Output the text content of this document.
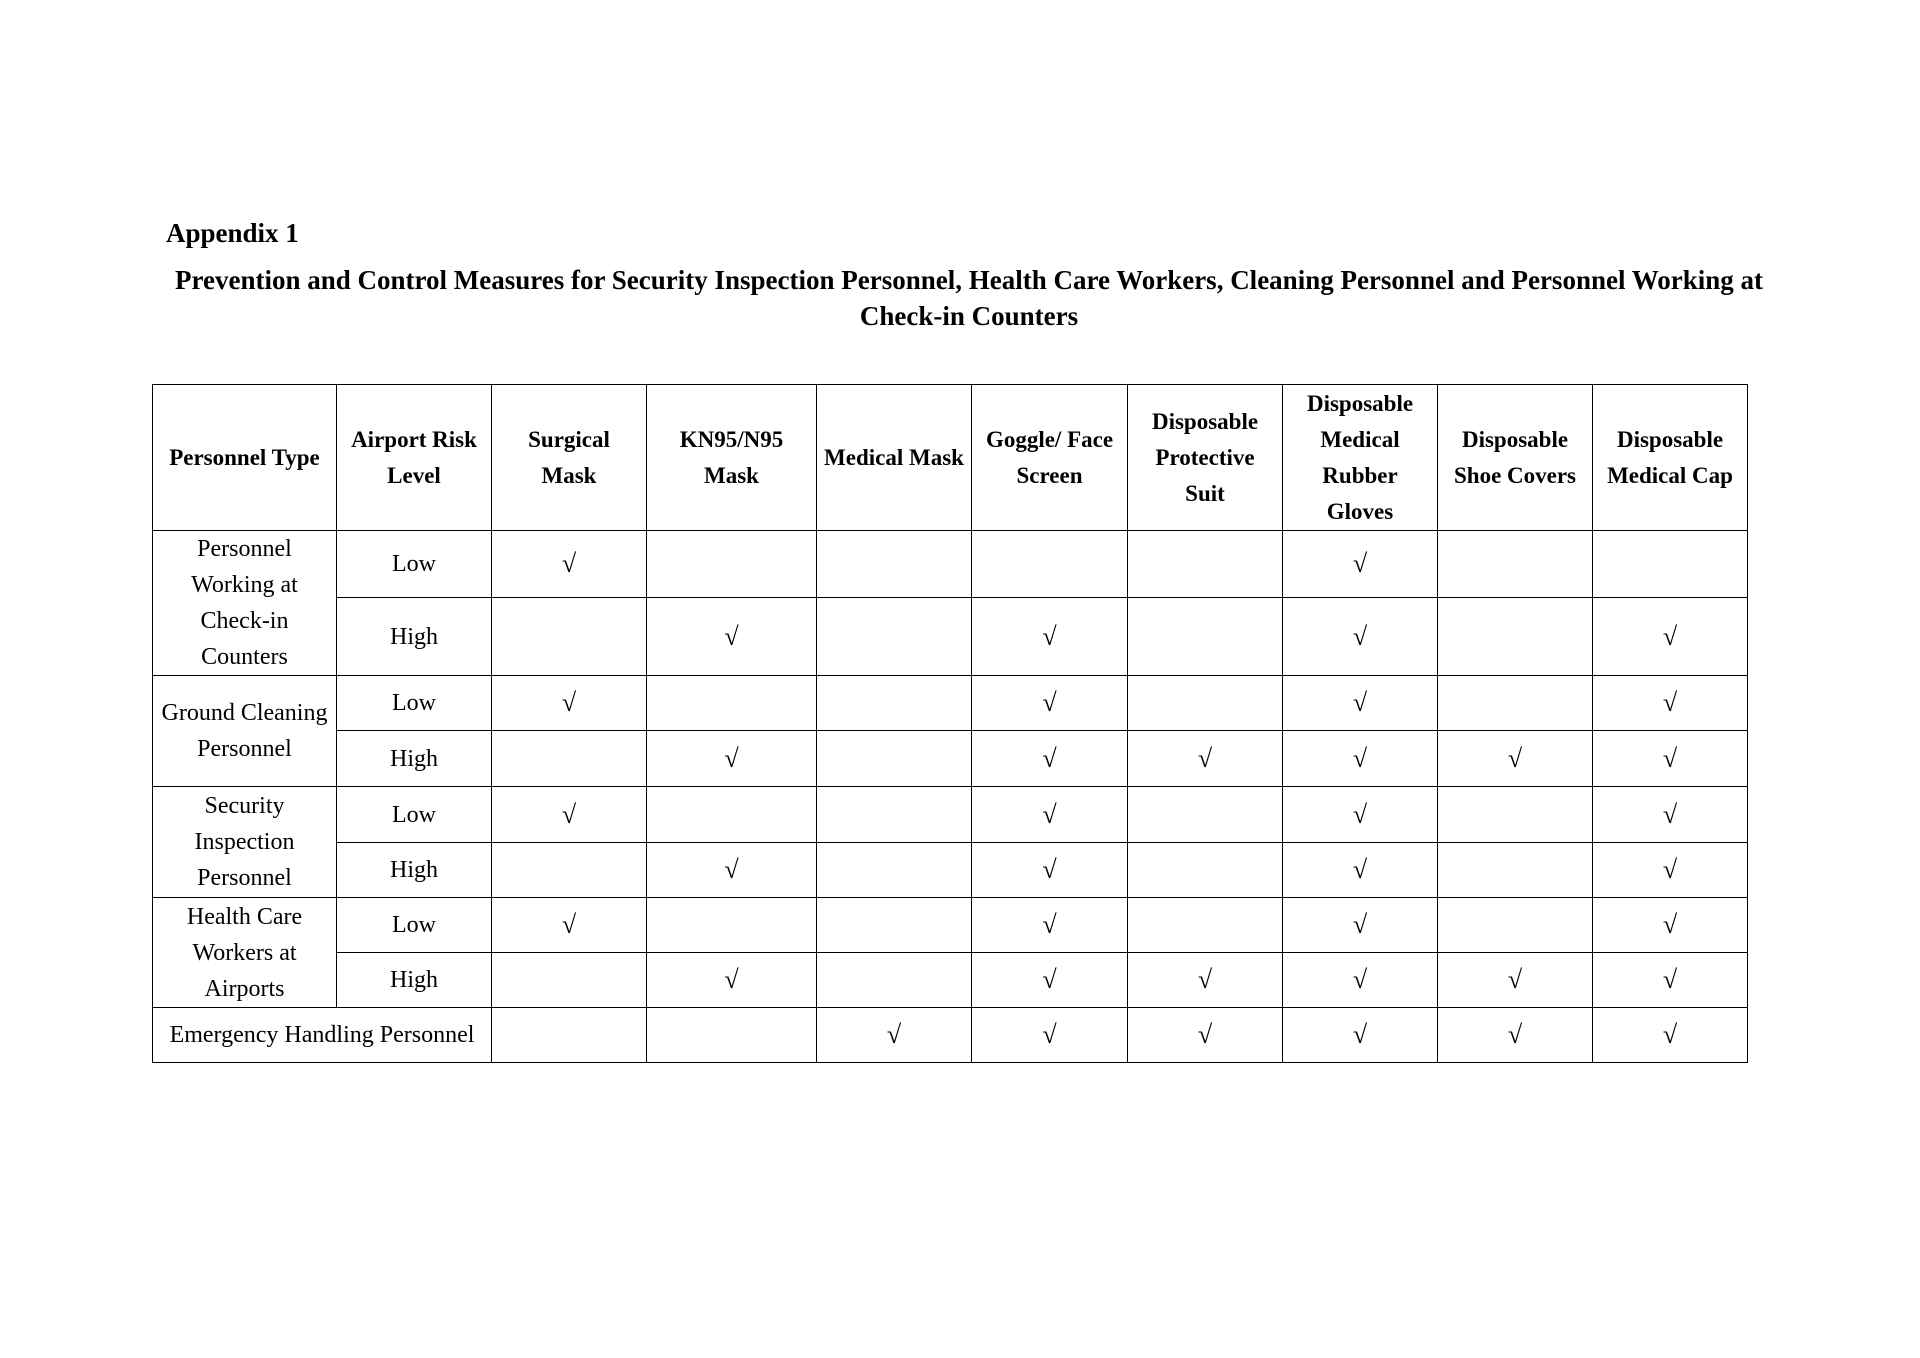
Appendix 1
Prevention and Control Measures for Security Inspection Personnel, Health Care Workers, Cleaning Personnel and Personnel Working at Check-in Counters
Personnel Type	Airport Risk Level	Surgical Mask	KN95/N95 Mask	Medical Mask	Goggle/ Face Screen	Disposable Protective Suit	Disposable Medical Rubber Gloves	Disposable Shoe Covers	Disposable Medical Cap
Personnel Working at Check-in Counters	Low	√					√		
	High		√		√		√		√
Ground Cleaning Personnel	Low	√			√		√		√
	High		√		√	√	√	√	√
Security Inspection Personnel	Low	√			√		√		√
	High		√		√		√		√
Health Care Workers at Airports	Low	√			√		√		√
	High		√		√	√	√	√	√
Emergency Handling Personnel				√	√	√	√	√	√
